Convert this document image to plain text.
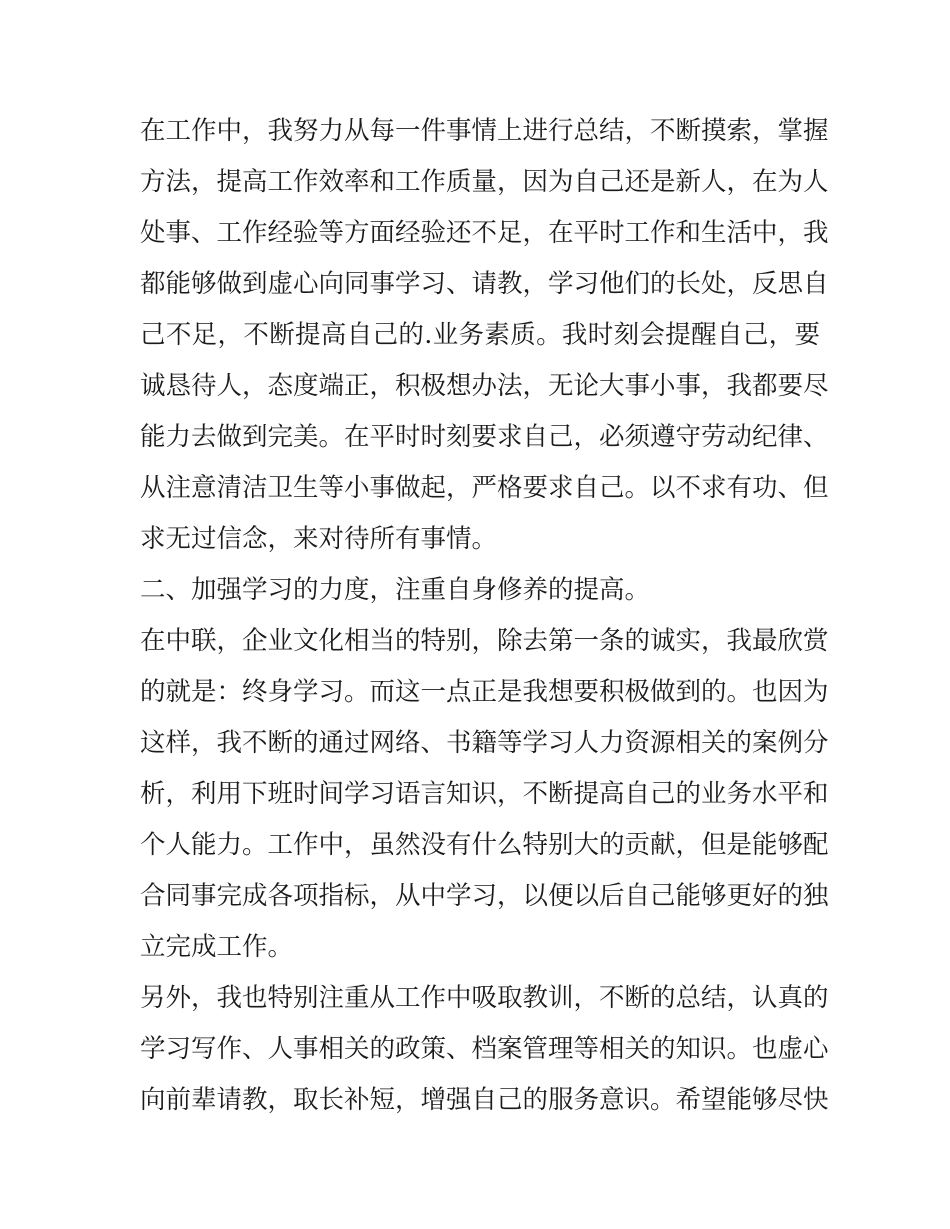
在工作中，我努力从每一件事情上进行总结，不断摸索，掌握
方法，提高工作效率和工作质量，因为自己还是新人，在为人
处事、工作经验等方面经验还不足，在平时工作和生活中，我
都能够做到虚心向同事学习、请教，学习他们的长处，反思自
己不足，不断提高自己的.业务素质。我时刻会提醒自己，要
诚恳待人，态度端正，积极想办法，无论大事小事，我都要尽
能力去做到完美。在平时时刻要求自己，必须遵守劳动纪律、
从注意清洁卫生等小事做起，严格要求自己。以不求有功、但
求无过信念，来对待所有事情。
二、加强学习的力度，注重自身修养的提高。
在中联，企业文化相当的特别，除去第一条的诚实，我最欣赏
的就是：终身学习。而这一点正是我想要积极做到的。也因为
这样，我不断的通过网络、书籍等学习人力资源相关的案例分
析，利用下班时间学习语言知识，不断提高自己的业务水平和
个人能力。工作中，虽然没有什么特别大的贡献，但是能够配
合同事完成各项指标，从中学习，以便以后自己能够更好的独
立完成工作。
另外，我也特别注重从工作中吸取教训，不断的总结，认真的
学习写作、人事相关的政策、档案管理等相关的知识。也虚心
向前辈请教，取长补短，增强自己的服务意识。希望能够尽快
